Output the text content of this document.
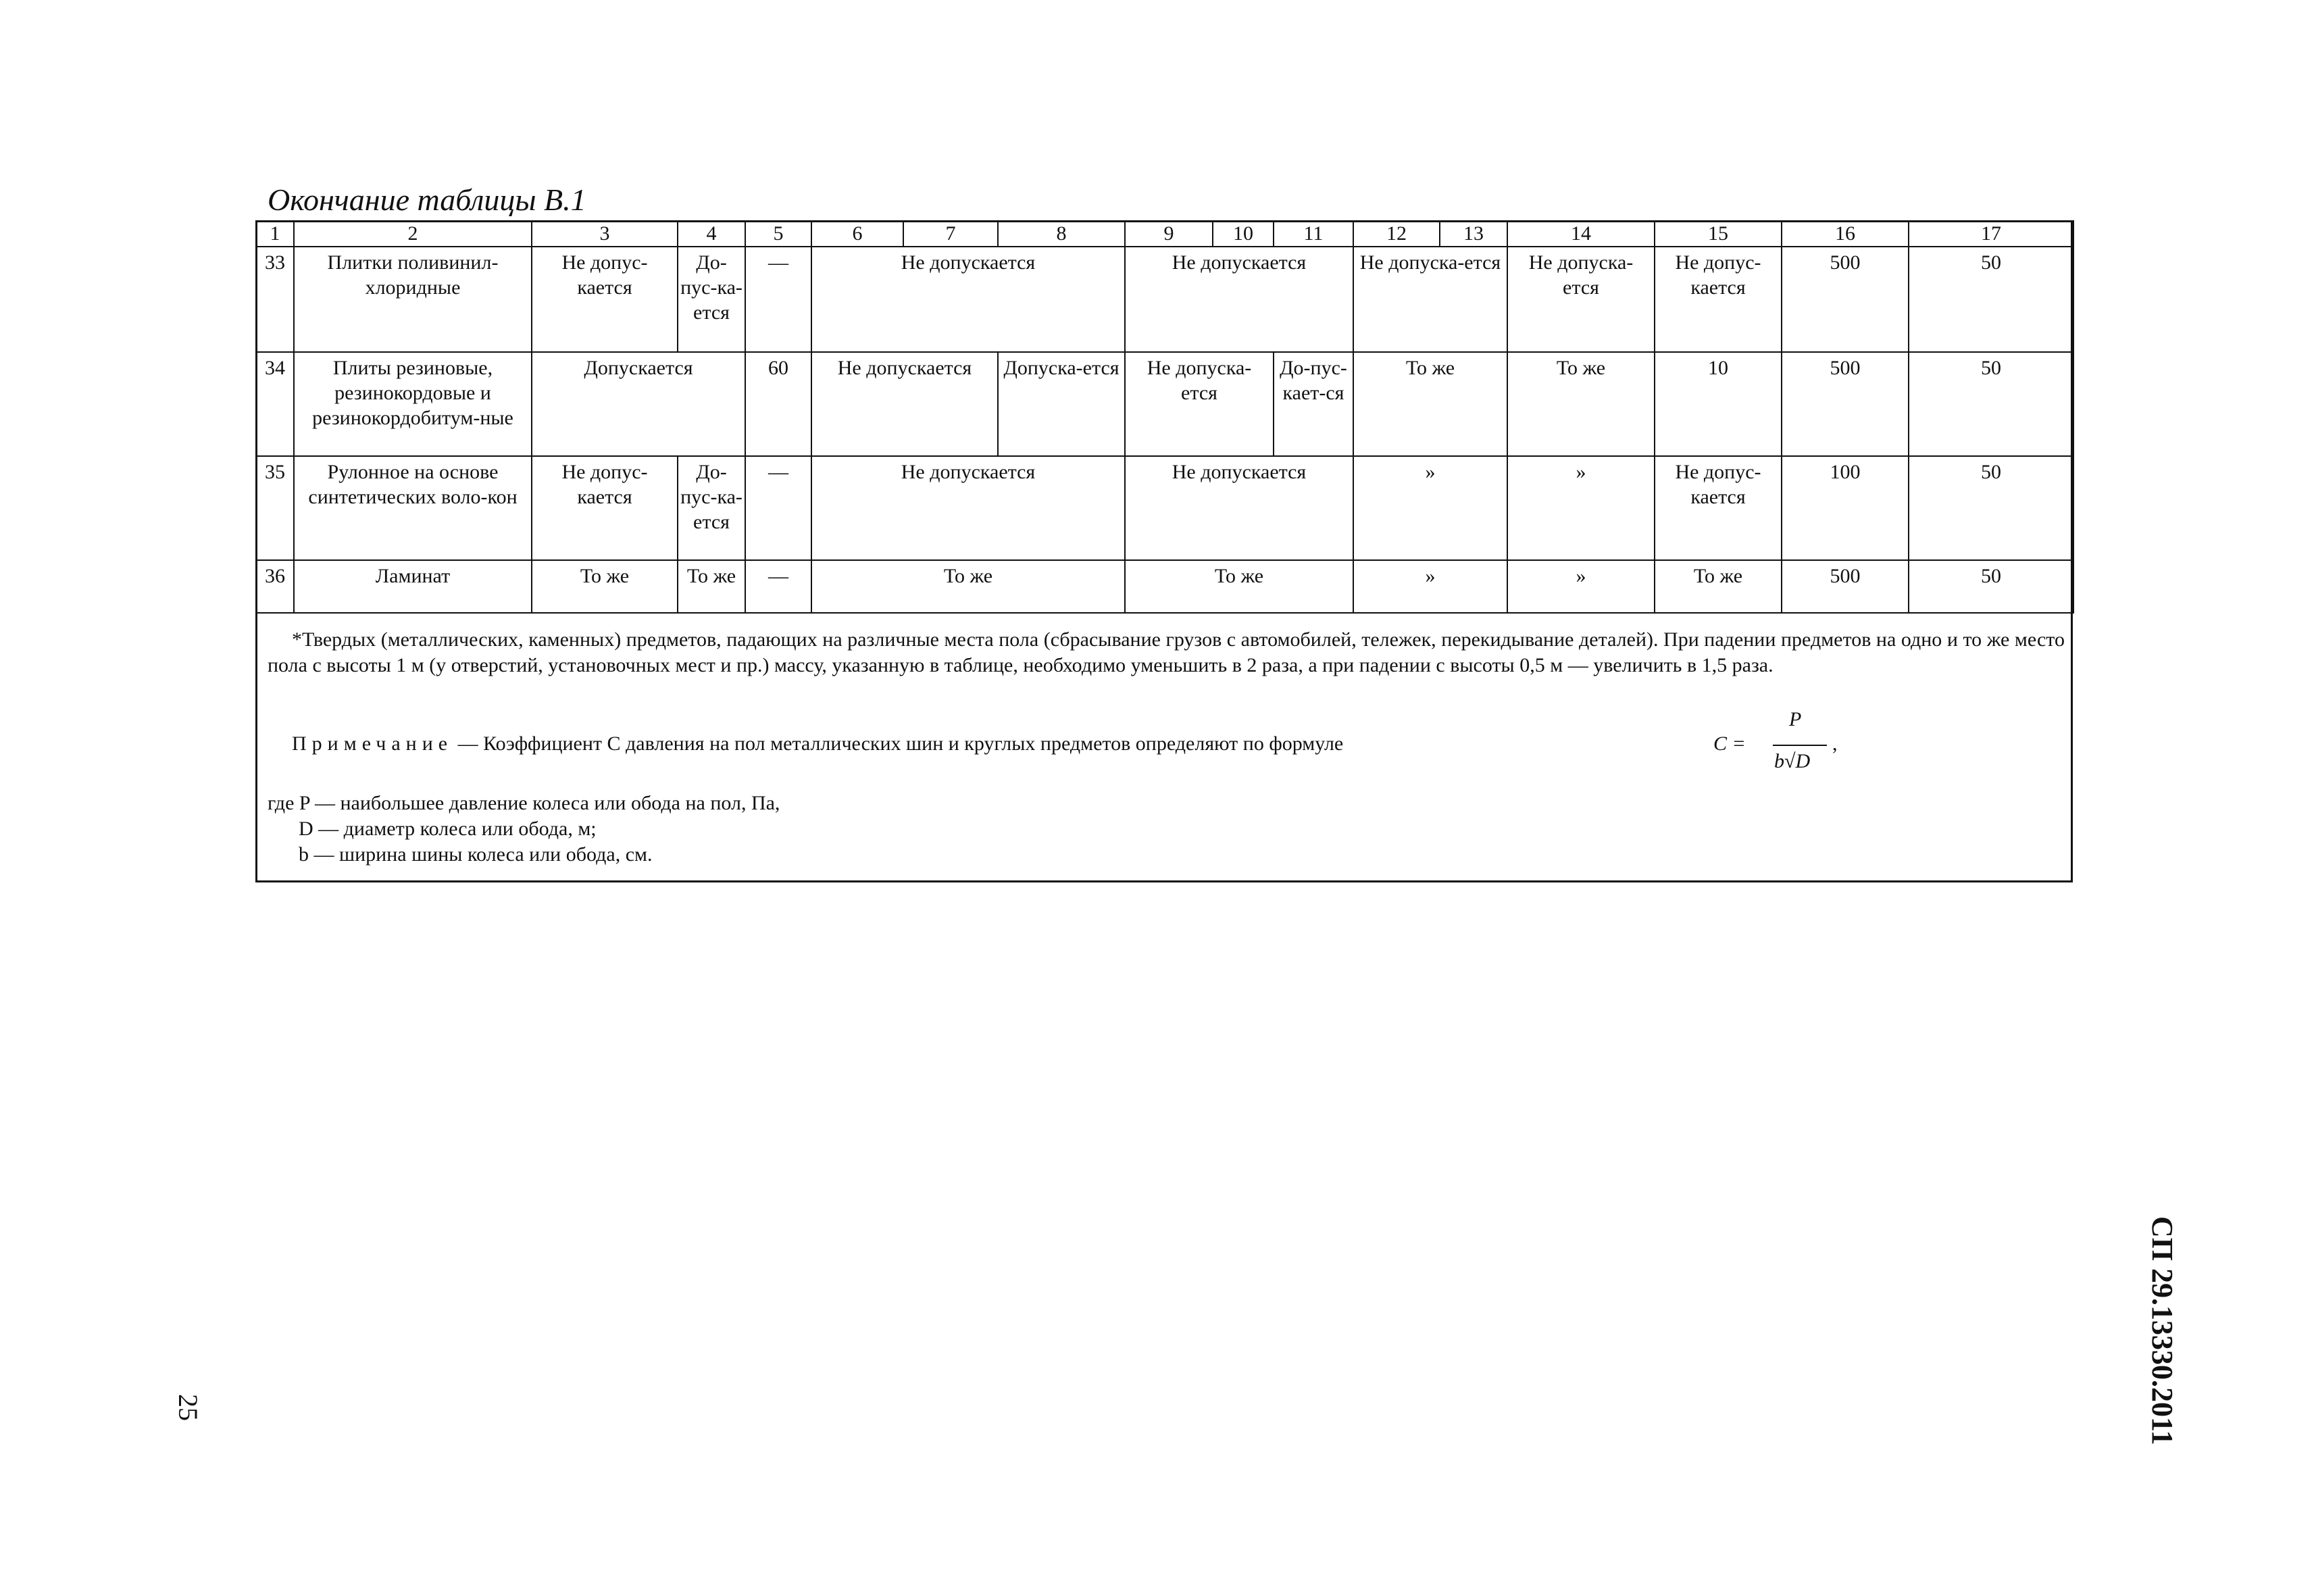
Окончание таблицы В.1
1	2	3	4	5	6	7	8	9	10	11	12	13	14	15	16	17
33	Плитки поливинил-хлоридные	Не допус-кается	До-пус-ка-ется	—	Не допускается			Не допускается			Не допуска-ется		Не допуска-ется	Не допус-кается	500	50
34	Плиты резиновые, резинокордовые и резинокордобитум-ные	Допускается		60	Не допускается		Допуска-ется	Не допуска-ется		До-пус-кает-ся	То же		То же	10	500	50
35	Рулонное на основе синтетических воло-кон	Не допус-кается	До-пус-ка-ется	—	Не допускается			Не допускается			»		»	Не допус-кается	100	50
36	Ламинат	То же	То же	—	То же			То же			»		»	То же	500	50

*Твердых (металлических, каменных) предметов, падающих на различные места пола (сбрасывание грузов с автомобилей, тележек, перекидывание деталей). При падении предметов на одно и то же место пола с высоты 1 м (у отверстий, установочных мест и пр.) массу, указанную в таблице, необходимо уменьшить в 2 раза, а при падении с высоты 0,5 м — увеличить в 1,5 раза.

Примечание — Коэффициент С давления на пол металлических шин и круглых предметов определяют по формуле	С =
P
b√D
,
где P — наибольшее давление колеса или обода на пол, Па,
D — диаметр колеса или обода, м;
b — ширина шины колеса или обода, см.
СП 29.13330.2011
25
